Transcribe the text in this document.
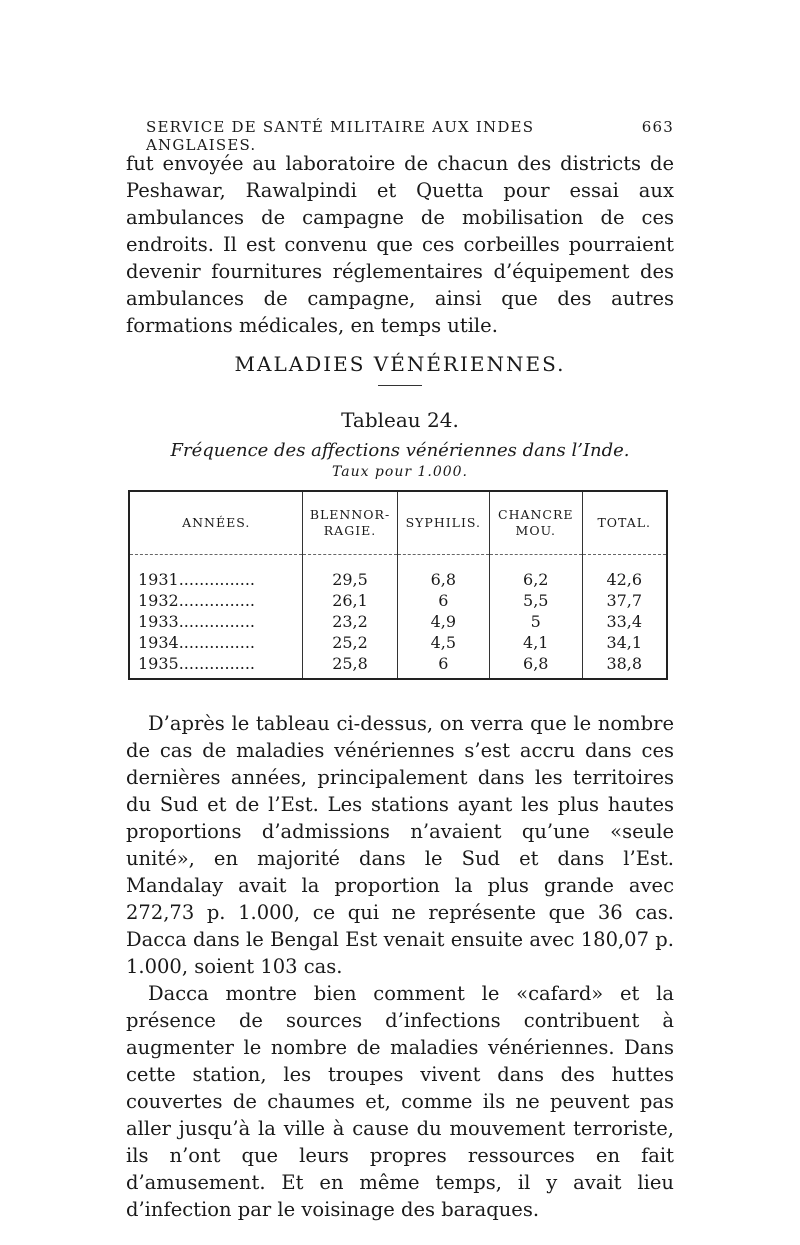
SERVICE DE SANTÉ MILITAIRE AUX INDES ANGLAISES.
663

fut envoyée au laboratoire de chacun des districts de Peshawar, Rawalpindi et Quetta pour essai aux ambulances de campagne de mobilisation de ces endroits. Il est convenu que ces corbeilles pourraient devenir fournitures réglementaires d’équipement des ambulances de campagne, ainsi que des autres formations médicales, en temps utile.

MALADIES VÉNÉRIENNES.
Tableau 24.
Fréquence des affections vénériennes dans l’Inde.
Taux pour 1.000.
ANNÉES.	BLENNOR-RAGIE.	SYPHILIS.	CHANCRE MOU.	TOTAL.

1931...............	29,5	6,8	6,2	42,6
1932...............	26,1	6	5,5	37,7
1933...............	23,2	4,9	5	33,4
1934...............	25,2	4,5	4,1	34,1
1935...............	25,8	6	6,8	38,8

D’après le tableau ci-dessus, on verra que le nombre de cas de maladies vénériennes s’est accru dans ces dernières années, principalement dans les territoires du Sud et de l’Est. Les stations ayant les plus hautes proportions d’admissions n’avaient qu’une «seule unité», en majorité dans le Sud et dans l’Est. Mandalay avait la proportion la plus grande avec 272,73 p. 1.000, ce qui ne représente que 36 cas. Dacca dans le Bengal Est venait ensuite avec 180,07 p. 1.000, soient 103 cas.

Dacca montre bien comment le «cafard» et la présence de sources d’infections contribuent à augmenter le nombre de maladies vénériennes. Dans cette station, les troupes vivent dans des huttes couvertes de chaumes et, comme ils ne peuvent pas aller jusqu’à la ville à cause du mouvement terroriste, ils n’ont que leurs propres ressources en fait d’amusement. Et en même temps, il y avait lieu d’infection par le voisinage des baraques.
